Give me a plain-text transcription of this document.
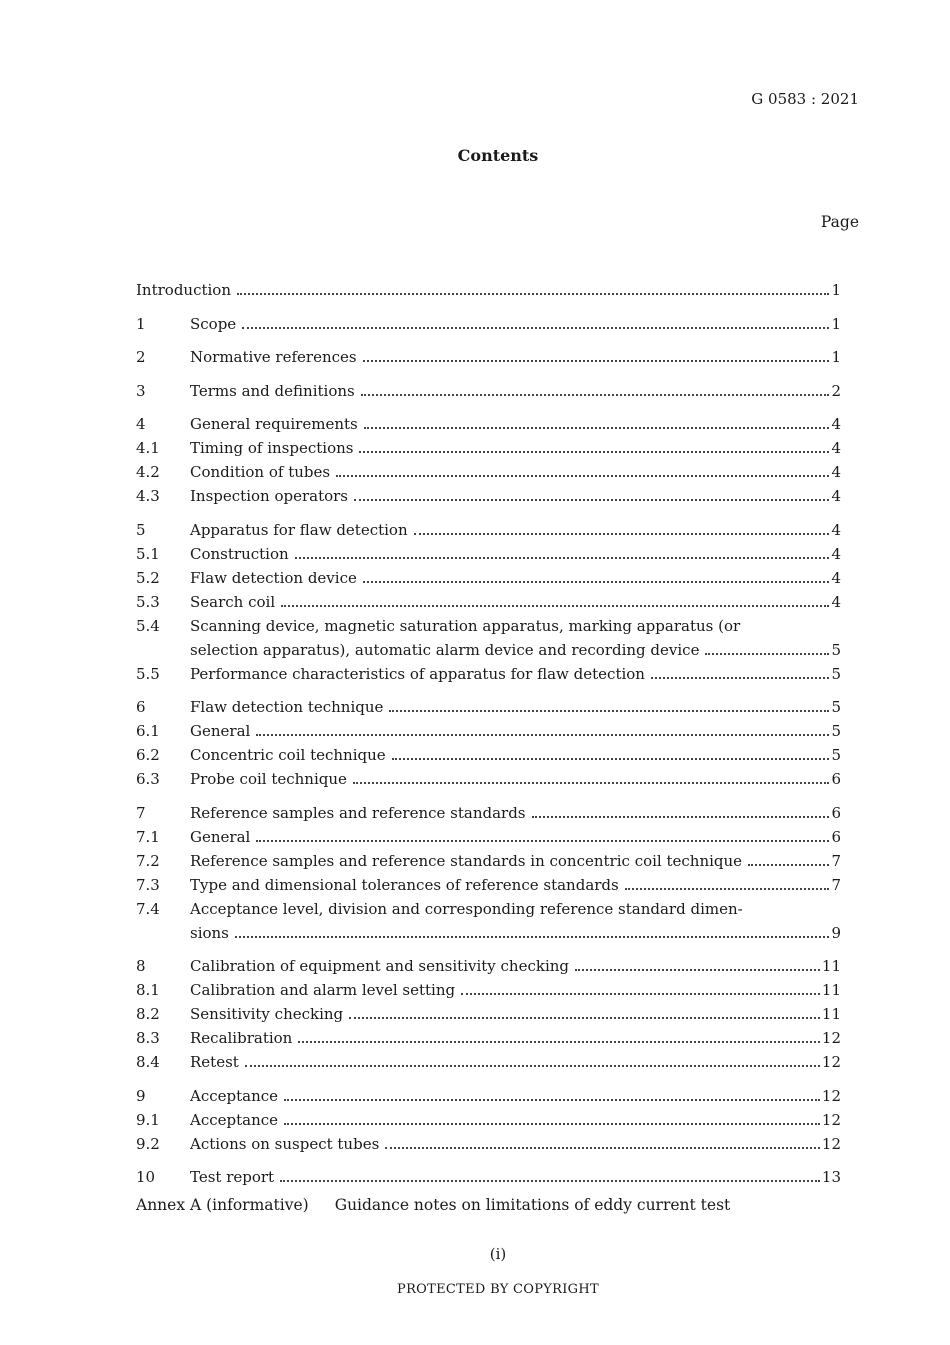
G 0583 : 2021
Contents
Page
Introduction	1
1	Scope	1
2	Normative references	1
3	Terms and definitions	2
4	General requirements	4
4.1	Timing of inspections	4
4.2	Condition of tubes	4
4.3	Inspection operators	4
5	Apparatus for flaw detection	4
5.1	Construction	4
5.2	Flaw detection device	4
5.3	Search coil	4
5.4	Scanning device, magnetic saturation apparatus, marking apparatus (or
selection apparatus), automatic alarm device and recording device	5
5.5	Performance characteristics of apparatus for flaw detection	5
6	Flaw detection technique	5
6.1	General	5
6.2	Concentric coil technique	5
6.3	Probe coil technique	6
7	Reference samples and reference standards	6
7.1	General	6
7.2	Reference samples and reference standards in concentric coil technique	7
7.3	Type and dimensional tolerances of reference standards	7
7.4	Acceptance level, division and corresponding reference standard dimen-
sions	9
8	Calibration of equipment and sensitivity checking	11
8.1	Calibration and alarm level setting	11
8.2	Sensitivity checking	11
8.3	Recalibration	12
8.4	Retest	12
9	Acceptance	12
9.1	Acceptance	12
9.2	Actions on suspect tubes	12
10	Test report	13
Annex A (informative) Guidance notes on limitations of eddy current test
(i)
PROTECTED BY COPYRIGHT
